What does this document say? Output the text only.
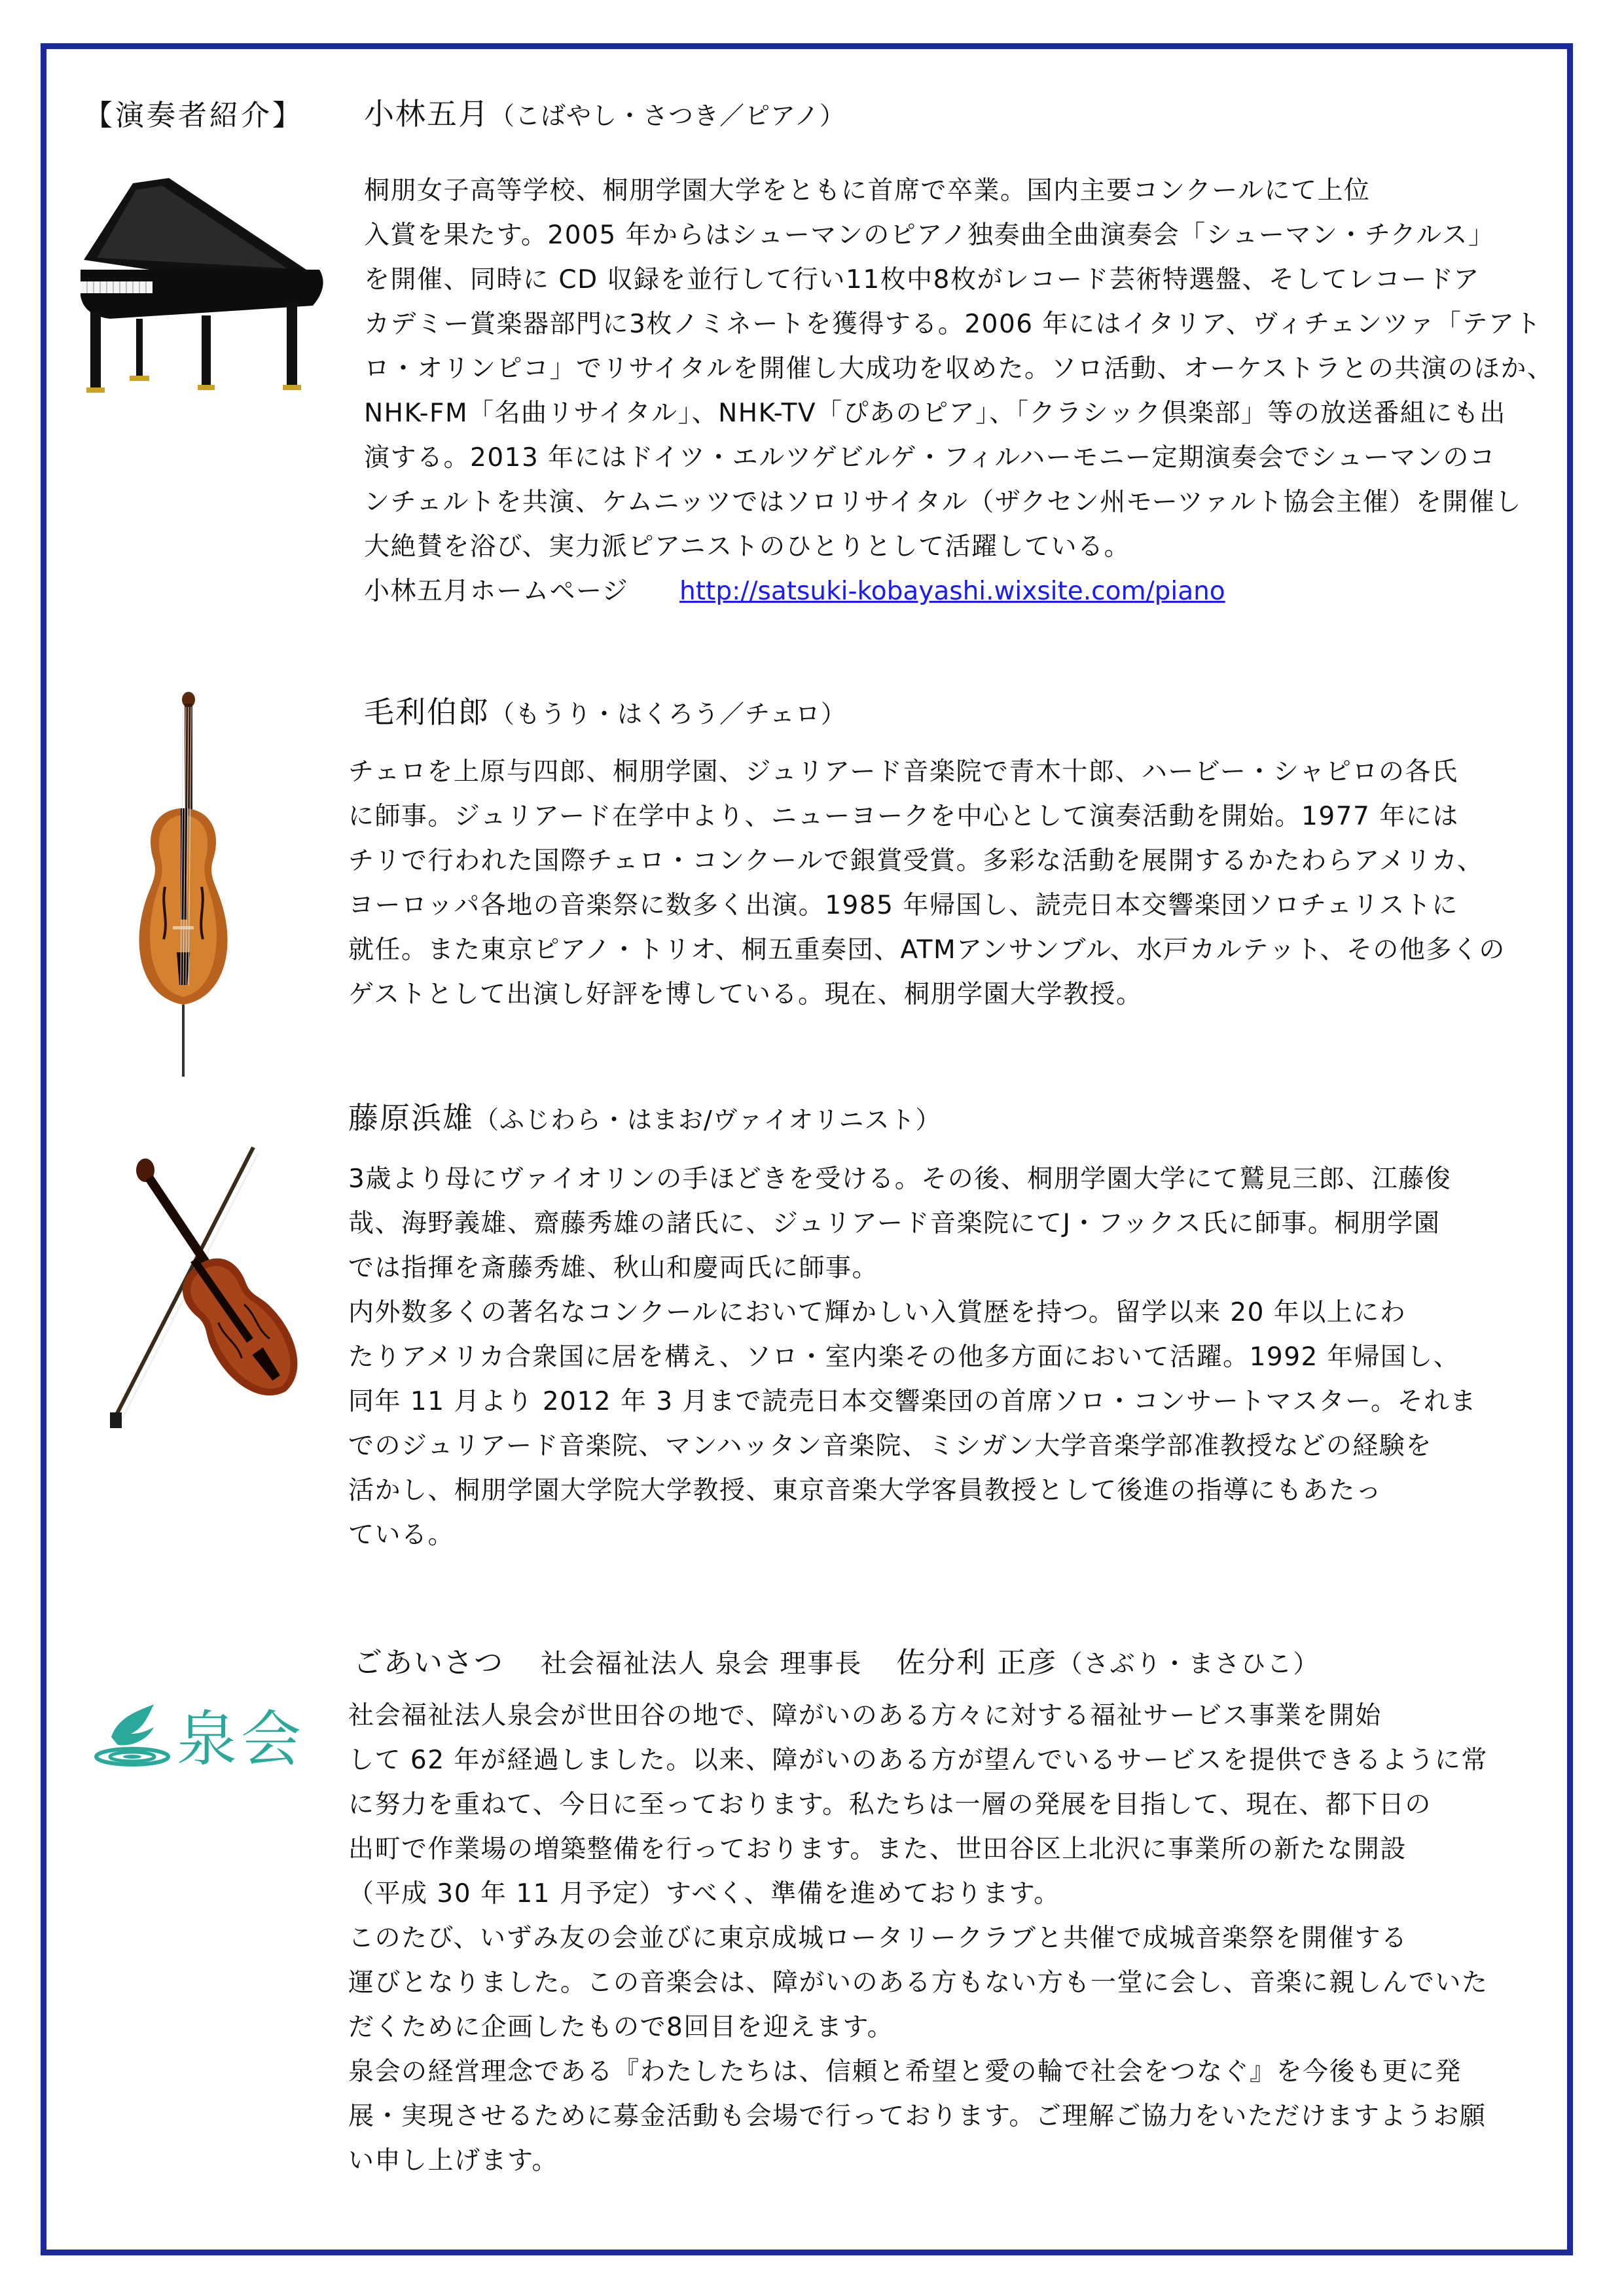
【演奏者紹介】 小林五月（こばやし・さつき／ピアノ）

桐朋女子高等学校、桐朋学園大学をともに首席で卒業。国内主要コンクールにて上位

入賞を果たす。2005 年からはシューマンのピアノ独奏曲全曲演奏会「シューマン・チクルス」

を開催、同時に CD 収録を並行して行い11枚中8枚がレコード芸術特選盤、そしてレコードア

カデミー賞楽器部門に3枚ノミネートを獲得する。2006 年にはイタリア、ヴィチェンツァ「テアト

ロ・オリンピコ」でリサイタルを開催し大成功を収めた。ソロ活動、オーケストラとの共演のほか、

NHK-FM「名曲リサイタル」、NHK-TV「ぴあのピア」、「クラシック倶楽部」等の放送番組にも出

演する。2013 年にはドイツ・エルツゲビルゲ・フィルハーモニー定期演奏会でシューマンのコ

ンチェルトを共演、ケムニッツではソロリサイタル（ザクセン州モーツァルト協会主催）を開催し

大絶賛を浴び、実力派ピアニストのひとりとして活躍している。

小林五月ホームページ http://satsuki-kobayashi.wixsite.com/piano

毛利伯郎（もうり・はくろう／チェロ）

チェロを上原与四郎、桐朋学園、ジュリアード音楽院で青木十郎、ハービー・シャピロの各氏

に師事。ジュリアード在学中より、ニューヨークを中心として演奏活動を開始。1977 年には

チリで行われた国際チェロ・コンクールで銀賞受賞。多彩な活動を展開するかたわらアメリカ、

ヨーロッパ各地の音楽祭に数多く出演。1985 年帰国し、読売日本交響楽団ソロチェリストに

就任。また東京ピアノ・トリオ、桐五重奏団、ATMアンサンブル、水戸カルテット、その他多くの

ゲストとして出演し好評を博している。現在、桐朋学園大学教授。

藤原浜雄（ふじわら・はまお/ヴァイオリニスト）

3歳より母にヴァイオリンの手ほどきを受ける。その後、桐朋学園大学にて鷲見三郎、江藤俊

哉、海野義雄、齋藤秀雄の諸氏に、ジュリアード音楽院にてJ・フックス氏に師事。桐朋学園

では指揮を斎藤秀雄、秋山和慶両氏に師事。

内外数多くの著名なコンクールにおいて輝かしい入賞歴を持つ。留学以来 20 年以上にわ

たりアメリカ合衆国に居を構え、ソロ・室内楽その他多方面において活躍。1992 年帰国し、

同年 11 月より 2012 年 3 月まで読売日本交響楽団の首席ソロ・コンサートマスター。それま

でのジュリアード音楽院、マンハッタン音楽院、ミシガン大学音楽学部准教授などの経験を

活かし、桐朋学園大学院大学教授、東京音楽大学客員教授として後進の指導にもあたっ

ている。

ごあいさつ 社会福祉法人 泉会 理事長 佐分利 正彦（さぶり・まさひこ）
泉会 社会福祉法人泉会が世田谷の地で、障がいのある方々に対する福祉サービス事業を開始

して 62 年が経過しました。以来、障がいのある方が望んでいるサービスを提供できるように常

に努力を重ねて、今日に至っております。私たちは一層の発展を目指して、現在、都下日の

出町で作業場の増築整備を行っております。また、世田谷区上北沢に事業所の新たな開設

（平成 30 年 11 月予定）すべく、準備を進めております。

このたび、いずみ友の会並びに東京成城ロータリークラブと共催で成城音楽祭を開催する

運びとなりました。この音楽会は、障がいのある方もない方も一堂に会し、音楽に親しんでいた

だくために企画したもので8回目を迎えます。

泉会の経営理念である『わたしたちは、信頼と希望と愛の輪で社会をつなぐ』を今後も更に発

展・実現させるために募金活動も会場で行っております。ご理解ご協力をいただけますようお願

い申し上げます。
